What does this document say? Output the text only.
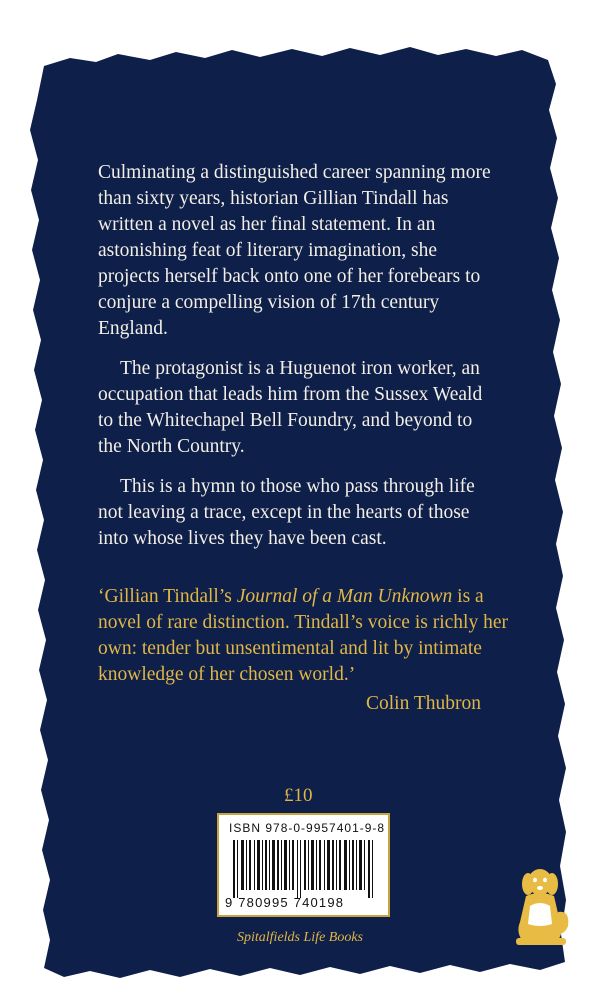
Culminating a distinguished career spanning more than sixty years, historian Gillian Tindall has written a novel as her final statement. In an astonishing feat of literary imagination, she projects herself back onto one of her forebears to conjure a compelling vision of 17th century England.

The protagonist is a Huguenot iron worker, an occupation that leads him from the Sussex Weald to the Whitechapel Bell Foundry, and beyond to the North Country.

This is a hymn to those who pass through life not leaving a trace, except in the hearts of those into whose lives they have been cast.

‘Gillian Tindall’s Journal of a Man Unknown is a novel of rare distinction. Tindall’s voice is richly her own: tender but unsentimental and lit by intimate knowledge of her chosen world.’

Colin Thubron
£10
ISBN 978-0-9957401-9-8
9 780995 740198
Spitalfields Life Books
